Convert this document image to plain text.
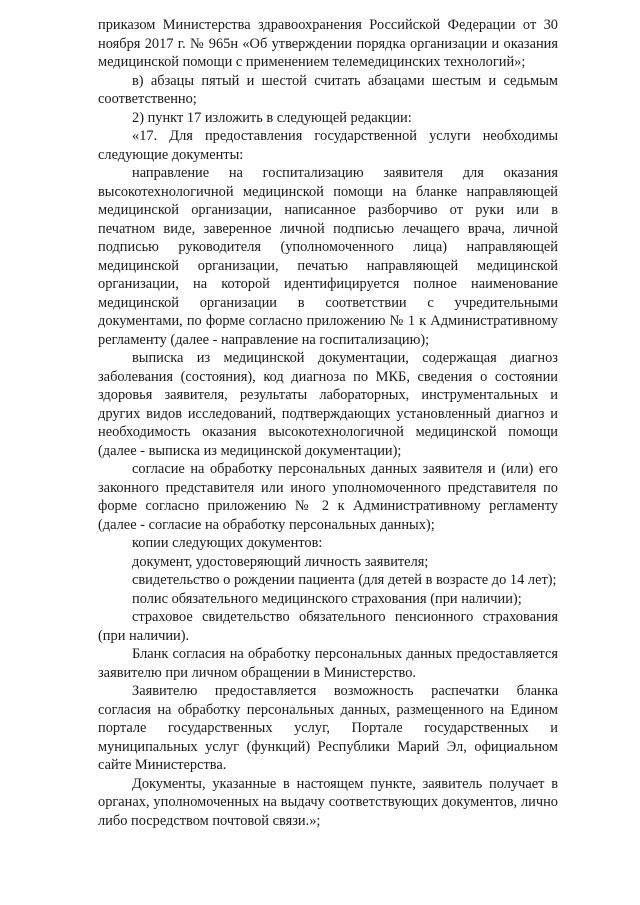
приказом Министерства здравоохранения Российской Федерации от 30 ноября 2017 г. № 965н «Об утверждении порядка организации и оказания медицинской помощи с применением телемедицинских технологий»;

в) абзацы пятый и шестой считать абзацами шестым и седьмым соответственно;

2) пункт 17 изложить в следующей редакции:

«17. Для предоставления государственной услуги необходимы следующие документы:

направление на госпитализацию заявителя для оказания высокотехнологичной медицинской помощи на бланке направляющей медицинской организации, написанное разборчиво от руки или в печатном виде, заверенное личной подписью лечащего врача, личной подписью руководителя (уполномоченного лица) направляющей медицинской организации, печатью направляющей медицинской организации, на которой идентифицируется полное наименование медицинской организации в соответствии с учредительными документами, по форме согласно приложению № 1 к Административному регламенту (далее - направление на госпитализацию);

выписка из медицинской документации, содержащая диагноз заболевания (состояния), код диагноза по МКБ, сведения о состоянии здоровья заявителя, результаты лабораторных, инструментальных и других видов исследований, подтверждающих установленный диагноз и необходимость оказания высокотехнологичной медицинской помощи (далее - выписка из медицинской документации);

согласие на обработку персональных данных заявителя и (или) его законного представителя или иного уполномоченного представителя по форме согласно приложению № 2 к Административному регламенту (далее - согласие на обработку персональных данных);

копии следующих документов:

документ, удостоверяющий личность заявителя;

свидетельство о рождении пациента (для детей в возрасте до 14 лет);

полис обязательного медицинского страхования (при наличии);

страховое свидетельство обязательного пенсионного страхования (при наличии).

Бланк согласия на обработку персональных данных предоставляется заявителю при личном обращении в Министерство.

Заявителю предоставляется возможность распечатки бланка согласия на обработку персональных данных, размещенного на Едином портале государственных услуг, Портале государственных и муниципальных услуг (функций) Республики Марий Эл, официальном сайте Министерства.

Документы, указанные в настоящем пункте, заявитель получает в органах, уполномоченных на выдачу соответствующих документов, лично либо посредством почтовой связи.»;
